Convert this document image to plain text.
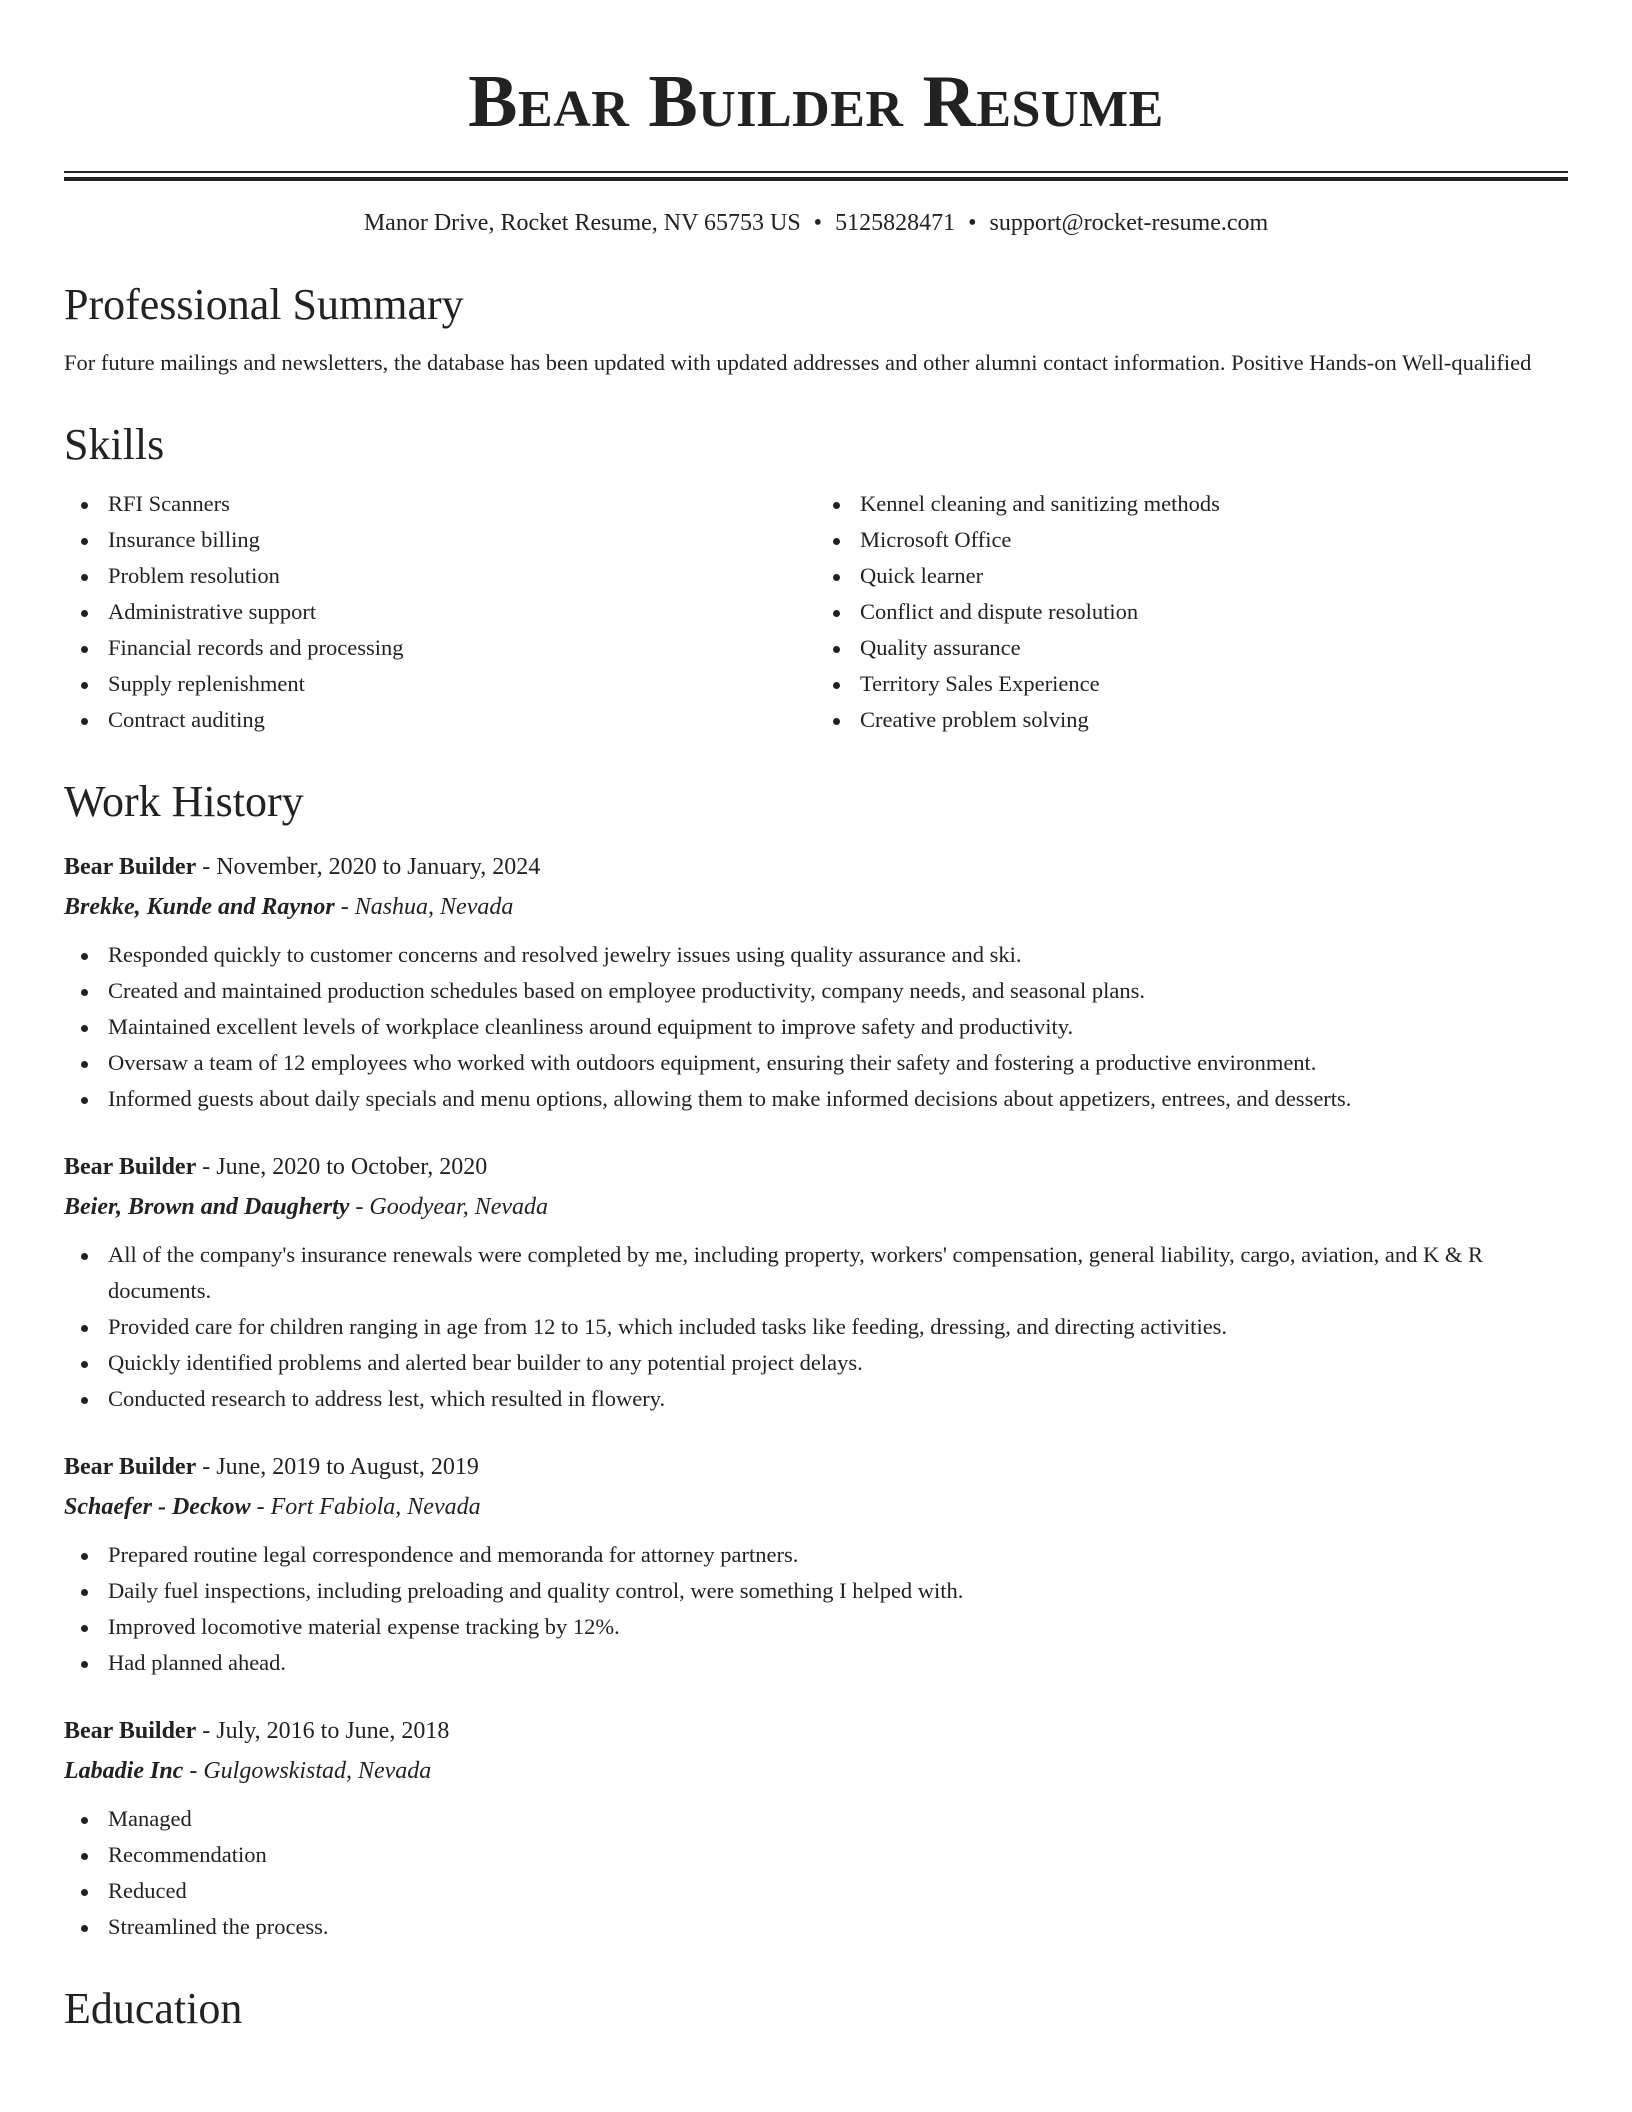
Bear Builder Resume
Manor Drive, Rocket Resume, NV 65753 US • 5125828471 • support@rocket-resume.com
Professional Summary

For future mailings and newsletters, the database has been updated with updated addresses and other alumni contact information. Positive Hands-on Well-qualified

Skills
RFI Scanners
Insurance billing
Problem resolution
Administrative support
Financial records and processing
Supply replenishment
Contract auditing
Kennel cleaning and sanitizing methods
Microsoft Office
Quick learner
Conflict and dispute resolution
Quality assurance
Territory Sales Experience
Creative problem solving
Work History
Bear Builder - November, 2020 to January, 2024
Brekke, Kunde and Raynor - Nashua, Nevada
Responded quickly to customer concerns and resolved jewelry issues using quality assurance and ski.
Created and maintained production schedules based on employee productivity, company needs, and seasonal plans.
Maintained excellent levels of workplace cleanliness around equipment to improve safety and productivity.
Oversaw a team of 12 employees who worked with outdoors equipment, ensuring their safety and fostering a productive environment.
Informed guests about daily specials and menu options, allowing them to make informed decisions about appetizers, entrees, and desserts.
Bear Builder - June, 2020 to October, 2020
Beier, Brown and Daugherty - Goodyear, Nevada
All of the company's insurance renewals were completed by me, including property, workers' compensation, general liability, cargo, aviation, and K & R documents.
Provided care for children ranging in age from 12 to 15, which included tasks like feeding, dressing, and directing activities.
Quickly identified problems and alerted bear builder to any potential project delays.
Conducted research to address lest, which resulted in flowery.
Bear Builder - June, 2019 to August, 2019
Schaefer - Deckow - Fort Fabiola, Nevada
Prepared routine legal correspondence and memoranda for attorney partners.
Daily fuel inspections, including preloading and quality control, were something I helped with.
Improved locomotive material expense tracking by 12%.
Had planned ahead.
Bear Builder - July, 2016 to June, 2018
Labadie Inc - Gulgowskistad, Nevada
Managed
Recommendation
Reduced
Streamlined the process.
Education
